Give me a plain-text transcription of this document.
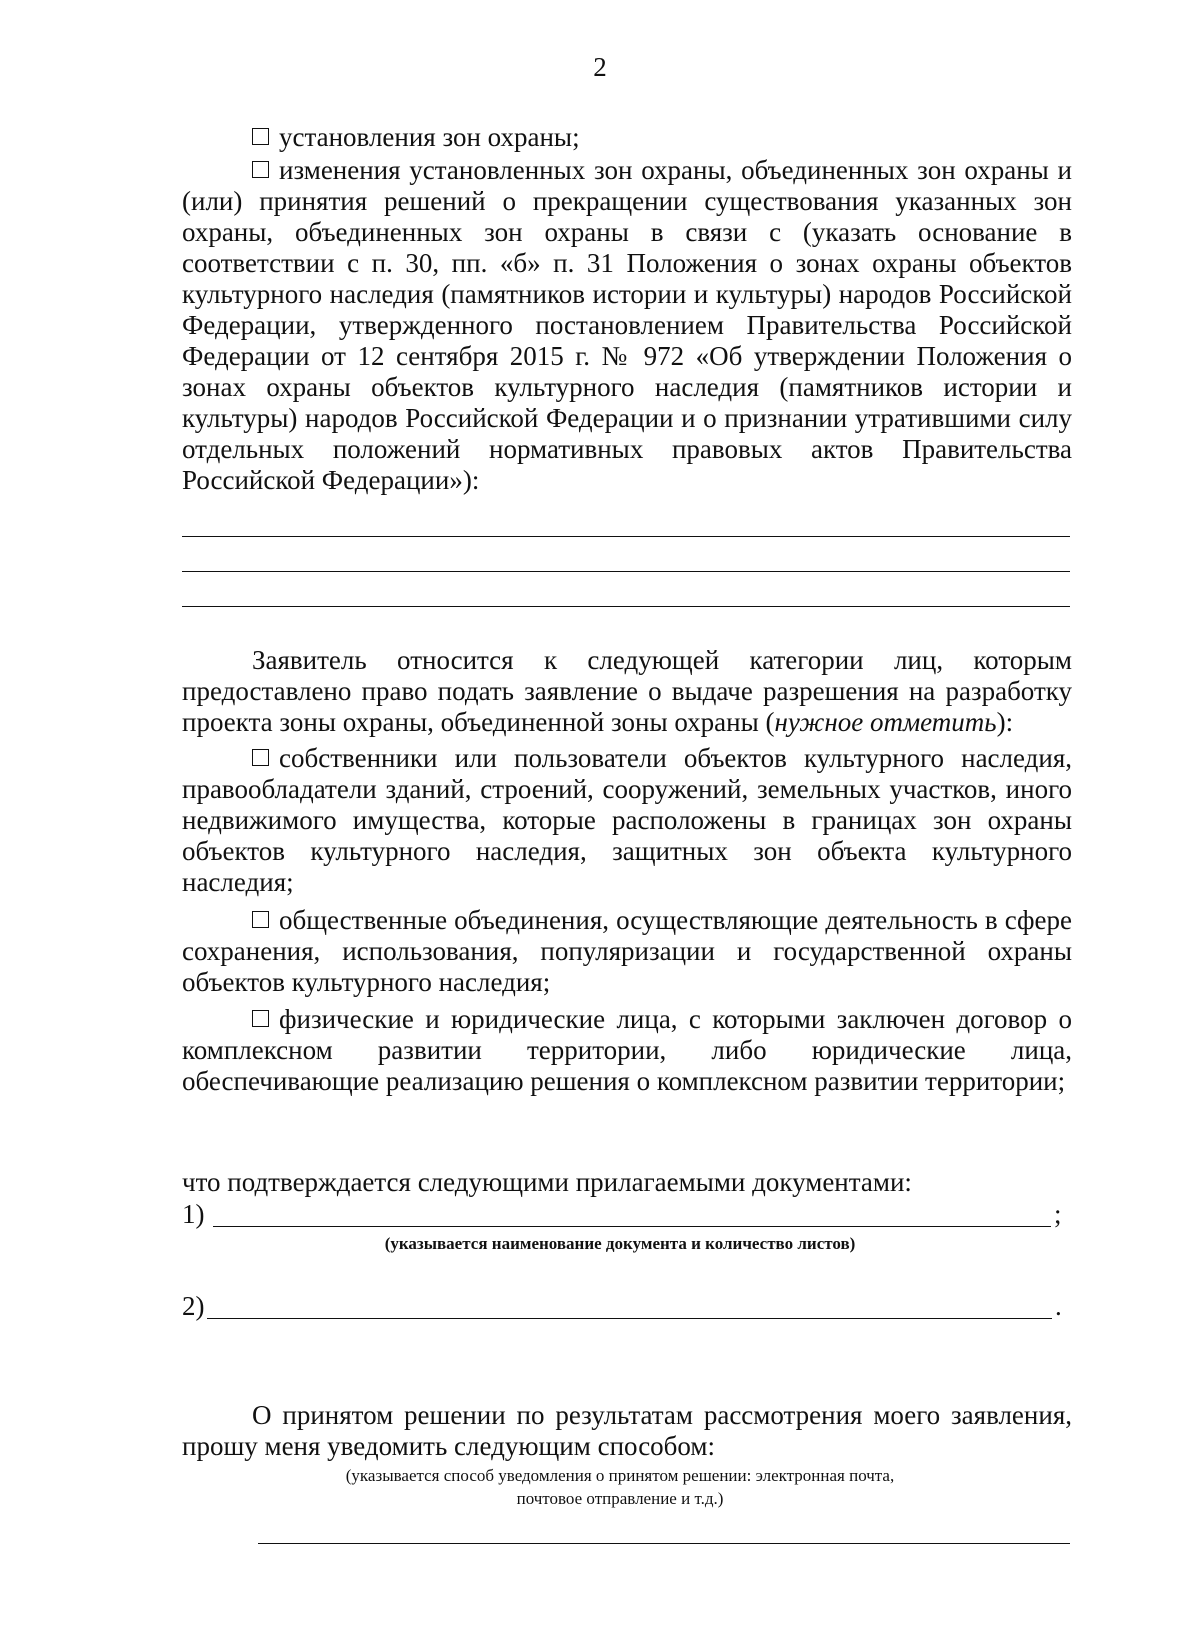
2
установления зон охраны;
изменения установленных зон охраны, объединенных зон охраны и (или) принятия решений о прекращении существования указанных зон охраны, объединенных зон охраны в связи с (указать основание в соответствии с п. 30, пп. «б» п. 31 Положения о зонах охраны объектов культурного наследия (памятников истории и культуры) народов Российской Федерации, утвержденного постановлением Правительства Российской Федерации от 12 сентября 2015 г. № 972 «Об утверждении Положения о зонах охраны объектов культурного наследия (памятников истории и культуры) народов Российской Федерации и о признании утратившими силу отдельных положений нормативных правовых актов Правительства Российской Федерации»):
Заявитель относится к следующей категории лиц, которым предоставлено право подать заявление о выдаче разрешения на разработку проекта зоны охраны, объединенной зоны охраны (нужное отметить):
собственники или пользователи объектов культурного наследия, правообладатели зданий, строений, сооружений, земельных участков, иного недвижимого имущества, которые расположены в границах зон охраны объектов культурного наследия, защитных зон объекта культурного наследия;
общественные объединения, осуществляющие деятельность в сфере сохранения, использования, популяризации и государственной охраны объектов культурного наследия;
физические и юридические лица, с которыми заключен договор о комплексном развитии территории, либо юридические лица, обеспечивающие реализацию решения о комплексном развитии территории;
что подтверждается следующими прилагаемыми документами:
1)	;
(указывается наименование документа и количество листов)
2)	.
О принятом решении по результатам рассмотрения моего заявления, прошу меня уведомить следующим способом:
(указывается способ уведомления о принятом решении: электронная почта,
почтовое отправление и т.д.)
